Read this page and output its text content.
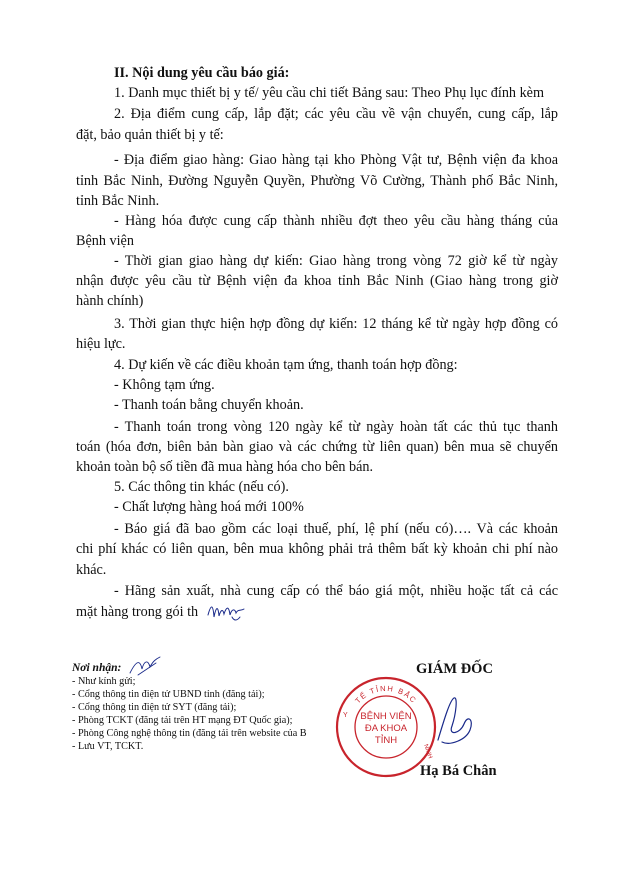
II. Nội dung yêu cầu báo giá:
1. Danh mục thiết bị y tế/ yêu cầu chi tiết Bảng sau: Theo Phụ lục đính kèm
2. Địa điểm cung cấp, lắp đặt; các yêu cầu về vận chuyển, cung cấp, lắp
đặt, bảo quản thiết bị y tế:
- Địa điểm giao hàng: Giao hàng tại kho Phòng Vật tư, Bệnh viện đa khoa
tỉnh Bắc Ninh, Đường Nguyễn Quyền, Phường Võ Cường, Thành phố Bắc Ninh,
tỉnh Bắc Ninh.
- Hàng hóa được cung cấp thành nhiều đợt theo yêu cầu hàng tháng của
Bệnh viện
- Thời gian giao hàng dự kiến: Giao hàng trong vòng 72 giờ kể từ ngày
nhận được yêu cầu từ Bệnh viện đa khoa tỉnh Bắc Ninh (Giao hàng trong giờ
hành chính)
3. Thời gian thực hiện hợp đồng dự kiến: 12 tháng kể từ ngày hợp đồng có
hiệu lực.
4. Dự kiến về các điều khoản tạm ứng, thanh toán hợp đồng:
- Không tạm ứng.
- Thanh toán bằng chuyển khoản.
- Thanh toán trong vòng 120 ngày kể từ ngày hoàn tất các thủ tục thanh
toán (hóa đơn, biên bản bàn giao và các chứng từ liên quan) bên mua sẽ chuyển
khoản toàn bộ số tiền đã mua hàng hóa cho bên bán.
5. Các thông tin khác (nếu có).
- Chất lượng hàng hoá mới 100%
- Báo giá đã bao gồm các loại thuế, phí, lệ phí (nếu có)…. Và các khoản
chi phí khác có liên quan, bên mua không phải trả thêm bất kỳ khoản chi phí nào
khác.
- Hãng sản xuất, nhà cung cấp có thể báo giá một, nhiều hoặc tất cả các
mặt hàng trong gói th
Nơi nhận:
- Như kính gửi;
- Cổng thông tin điện tử UBND tỉnh (đăng tải);
- Cổng thông tin điện tử SYT (đăng tải);
- Phòng TCKT (đăng tải trên HT mạng ĐT Quốc gia);
- Phòng Công nghệ thông tin (đăng tải trên website của B
- Lưu VT, TCKT.
GIÁM ĐỐC
TẾ TỈNH BẮC
Y
NINH
BỆNH VIỆN
ĐA KHOA
TỈNH
Hạ Bá Chân
